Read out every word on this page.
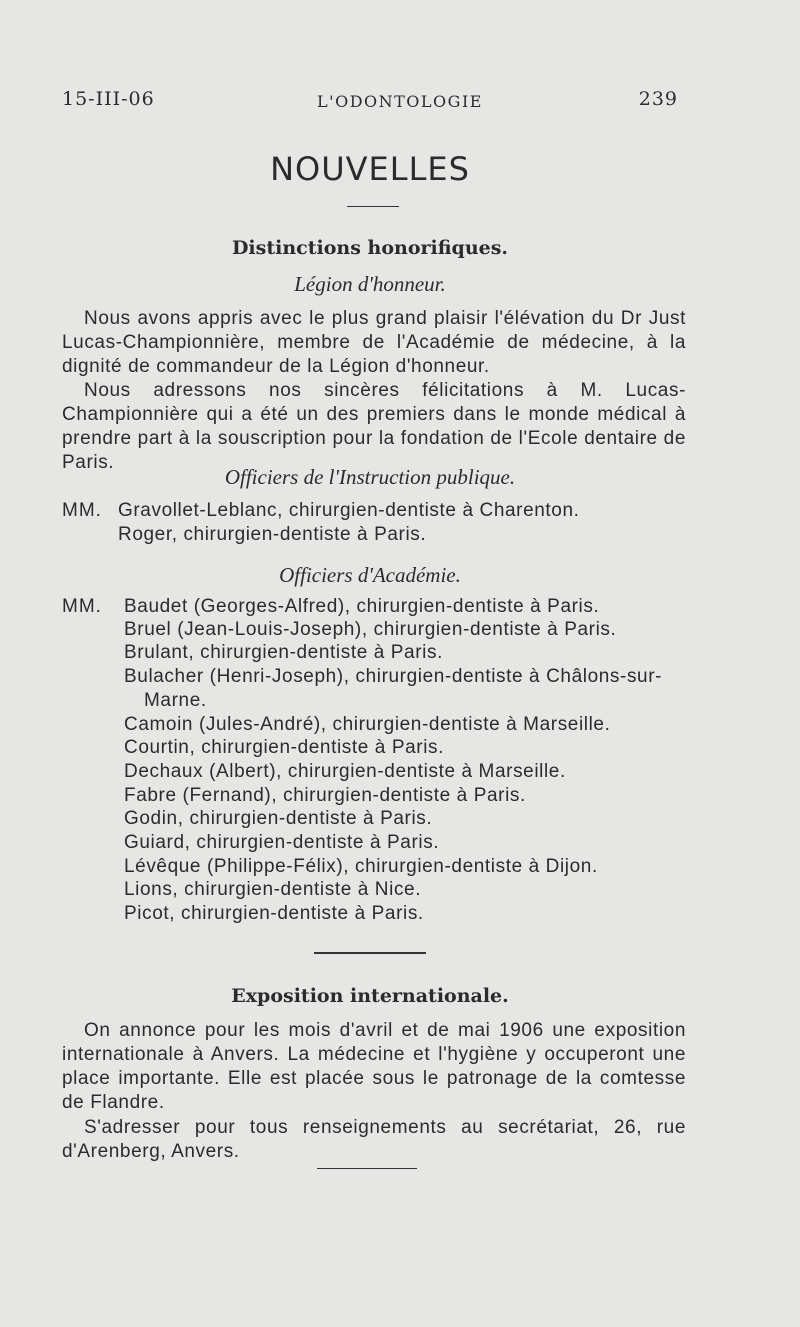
15-III-06	L'ODONTOLOGIE	239
NOUVELLES
Distinctions honorifiques.
Légion d'honneur.
Nous avons appris avec le plus grand plaisir l'élévation du Dr Just Lucas-Championnière, membre de l'Académie de médecine, à la dignité de commandeur de la Légion d'honneur.
Nous adressons nos sincères félicitations à M. Lucas-Championnière qui a été un des premiers dans le monde médical à prendre part à la souscription pour la fondation de l'Ecole dentaire de Paris.
Officiers de l'Instruction publique.
MM. Gravollet-Leblanc, chirurgien-dentiste à Charenton.
Roger, chirurgien-dentiste à Paris.
Officiers d'Académie.
MM. Baudet (Georges-Alfred), chirurgien-dentiste à Paris.
Bruel (Jean-Louis-Joseph), chirurgien-dentiste à Paris.
Brulant, chirurgien-dentiste à Paris.
Bulacher (Henri-Joseph), chirurgien-dentiste à Châlons-sur-
Marne.
Camoin (Jules-André), chirurgien-dentiste à Marseille.
Courtin, chirurgien-dentiste à Paris.
Dechaux (Albert), chirurgien-dentiste à Marseille.
Fabre (Fernand), chirurgien-dentiste à Paris.
Godin, chirurgien-dentiste à Paris.
Guiard, chirurgien-dentiste à Paris.
Lévêque (Philippe-Félix), chirurgien-dentiste à Dijon.
Lions, chirurgien-dentiste à Nice.
Picot, chirurgien-dentiste à Paris.
Exposition internationale.
On annonce pour les mois d'avril et de mai 1906 une exposition internationale à Anvers. La médecine et l'hygiène y occuperont une place importante. Elle est placée sous le patronage de la comtesse de Flandre.
S'adresser pour tous renseignements au secrétariat, 26, rue d'Arenberg, Anvers.
